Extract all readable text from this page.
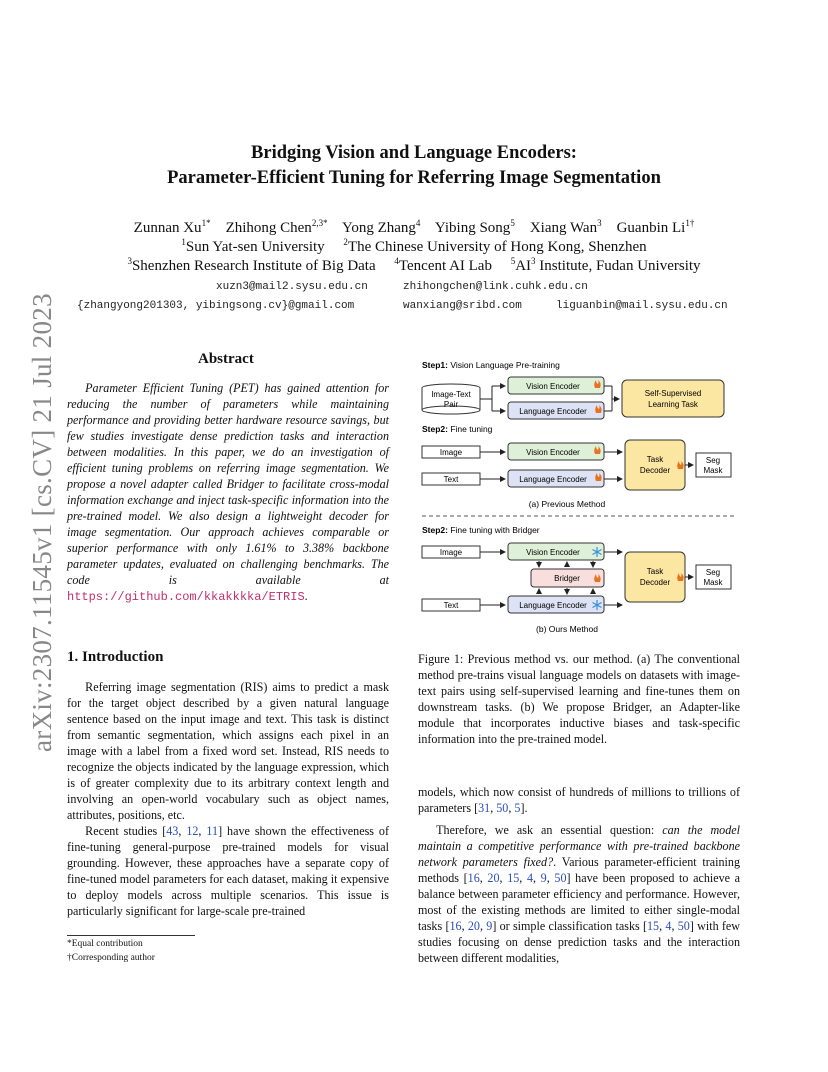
arXiv:2307.11545v1 [cs.CV] 21 Jul 2023
Bridging Vision and Language Encoders:
Parameter-Efficient Tuning for Referring Image Segmentation
Zunnan $Xu^{1*}$ Zhihong Chen$^{2,3*}$ Yong Zhang$^4$ Yibing Song$^5$ Xiang Wan$^3$ Guanbin $Li^{1\dagger}$
$^1$Sun Yat-sen University $^2$The Chinese University of Hong Kong, Shenzhen
$^3$Shenzhen Research Institute of Big Data $^4$Tencent AI Lab $^5AI^3$ Institute, Fudan University
xuzn3@mail2.sysu.edu.cn	zhihongchen@link.cuhk.edu.cn
{zhangyong201303, yibingsong.cv}@gmail.com	wanxiang@sribd.com	liguanbin@mail.sysu.edu.cn
Abstract
Parameter Efficient Tuning (PET) has gained attention for reducing the number of parameters while maintaining performance and providing better hardware resource savings, but few studies investigate dense prediction tasks and interaction between modalities. In this paper, we do an investigation of efficient tuning problems on referring image segmentation. We propose a novel adapter called Bridger to facilitate cross-modal information exchange and inject task-specific information into the pre-trained model. We also design a lightweight decoder for image segmentation. Our approach achieves comparable or superior performance with only 1.61% to 3.38% backbone parameter updates, evaluated on challenging benchmarks. The code is available at https://github.com/kkakkkka/ETRIS.
1. Introduction

Referring image segmentation (RIS) aims to predict a mask for the target object described by a given natural language sentence based on the input image and text. This task is distinct from semantic segmentation, which assigns each pixel in an image with a label from a fixed word set. Instead, RIS needs to recognize the objects indicated by the language expression, which is of greater complexity due to its arbitrary context length and involving an open-world vocabulary such as object names, attributes, positions, etc.

Recent studies [43, 12, 11] have shown the effectiveness of fine-tuning general-purpose pre-trained models for visual grounding. However, these approaches have a separate copy of fine-tuned model parameters for each dataset, making it expensive to deploy models across multiple scenarios. This issue is particularly significant for large-scale pre-trained

*Equal contribution
†Corresponding author
Step1: Vision Language Pre-training
Image-Text
Pair
Vision Encoder
Language Encoder
Self-Supervised
Learning Task
Step2: Fine tuning
Image
Text
Vision Encoder
Language Encoder
Task
Decoder
Seg
Mask
(a) Previous Method
Step2: Fine tuning with Bridger
Image
Text
Vision Encoder
Bridger
Language Encoder
Task
Decoder
Seg
Mask
(b) Ours Method
Figure 1: Previous method vs. our method. (a) The conventional method pre-trains visual language models on datasets with image-text pairs using self-supervised learning and fine-tunes them on downstream tasks. (b) We propose Bridger, an Adapter-like module that incorporates inductive biases and task-specific information into the pre-trained model.

models, which now consist of hundreds of millions to trillions of parameters [31, 50, 5].

Therefore, we ask an essential question: can the model maintain a competitive performance with pre-trained backbone network parameters fixed?. Various parameter-efficient training methods [16, 20, 15, 4, 9, 50] have been proposed to achieve a balance between parameter efficiency and performance. However, most of the existing methods are limited to either single-modal tasks [16, 20, 9] or simple classification tasks [15, 4, 50] with few studies focusing on dense prediction tasks and the interaction between different modalities,
